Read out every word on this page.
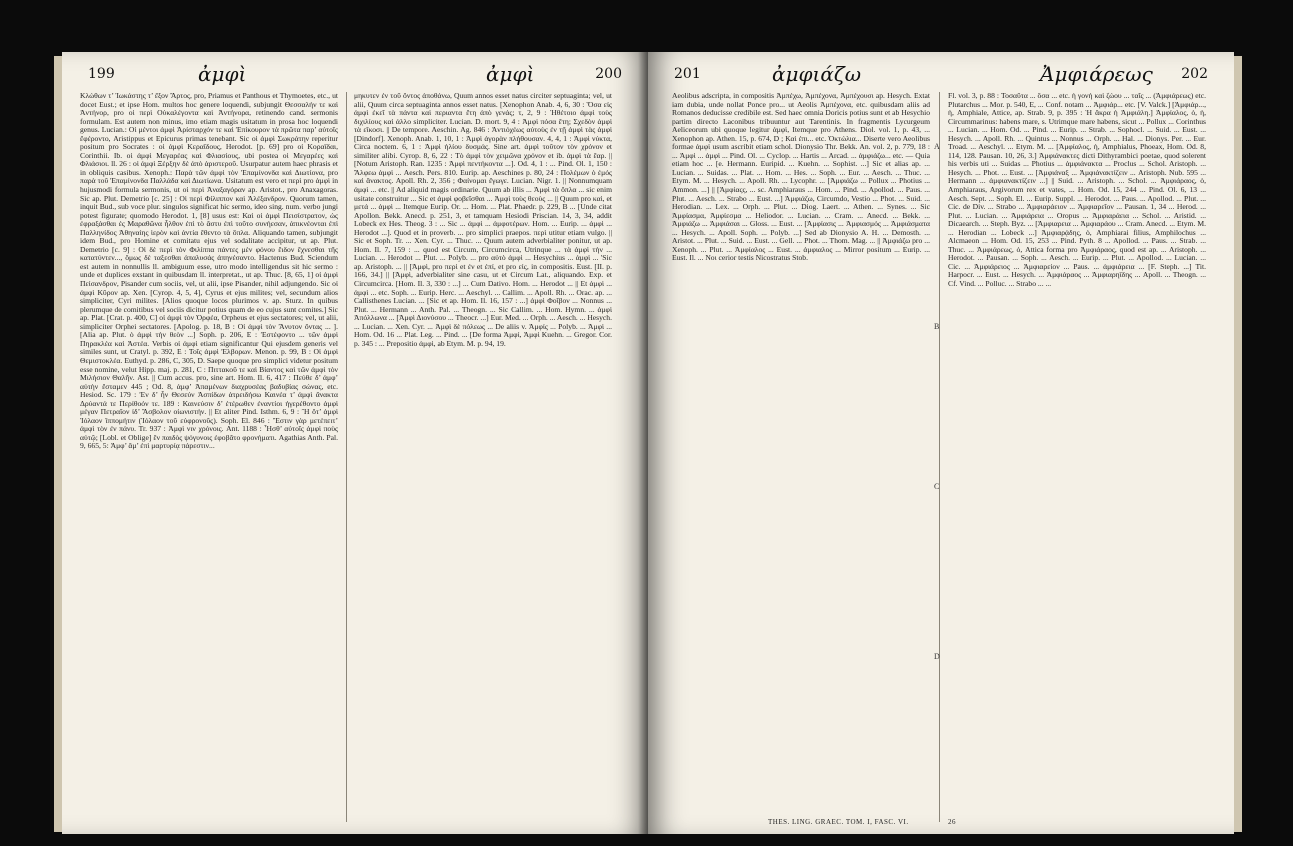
199	ἀμφὶ	ἀμφὶ	200

Κλώθων τ’ Ἰωκάστης τ’ ἔξον Ἄρτος, pro, Priamus et Panthous et Thymoetes, etc., ut docet Eust.; et ipse Hom. multos hoc genere loquendi, subjungit Θεσσαλήν τε καὶ Ἀντήνορ, pro οἱ περὶ Οὐκαλέγοντα καὶ Ἀντήνορα, retinendo cand. sermonis formulam. Est autem non minus, imo etiam magis usitatum in prosa hoc loquendi genus. Lucian.: Οἱ μέντοι ἀμφὶ Ἀρίσταρχόν τε καὶ Ἐπίκουρον τὰ πρῶτα παρ’ αὐτοῖς ἔφέροντο, Aristippus et Epicurus primas tenebant. Sic οἱ ἀμφὶ Σωκράτην reperitur positum pro Socrates : οἱ ἀμφὶ Κεραΐδους, Herodot. [p. 69] pro οἱ Κοραΐδαι, Corinthii. Ib. οἱ ἀμφὶ Μεγαρέας καὶ Φλιασίους, ubi posteа οἱ Μεγαρέες καὶ Φλιάσιοι. ll. 26 : οἱ ἀμφὶ Ξέρξην δὲ ἀπὸ ἀριστεροῦ. Usurpatur autem haec phrasis et in obliquis casibus. Xenoph.: Παρὰ τῶν ἀμφὶ τὸν Ἐπαμίνονδα καὶ Διωτίονα, pro παρὰ τοῦ Ἐπαμίνονδα Παλλάδα καὶ Διωτίωνα. Usitatum est vero et περὶ pro ἀμφὶ in hujusmodi formula sermonis, ut οἱ περὶ Ἀναξαγόραν ap. Aristot., pro Anaxagoras. Sic ap. Plut. Demetrio [c. 25] : Οἱ περὶ Φίλιππον καὶ Ἀλέξανδρον. Quorum tamen, inquit Bud., sub voce plur. singulos significat hic sermo, ideo sing. num. verbo jungi potest figurate; quomodo Herodot. 1, [8] usus est: Καὶ οἱ ἀμφὶ Πεισίστρατον, ὡς ἐφραξάσθαι ἐς Μαραθῶνα ἦλθον ἐπὶ τὸ ἄστυ ἐπὶ τοῦτο συνήεσαν, ἀπικνέονται ἐπὶ Παλληνίδος Ἀθηναίης ἱερὸν καὶ ἀντία ἔθεντο τὰ ὅπλα. Aliquando tamen, subjungit idem Bud., pro Homine et comitatu ejus vel sodalitate accipitur, ut ap. Plut. Demetrio [c. 9] : Οἱ δὲ περὶ τὸν Φιλίππα πάντες μὲν φόνου ἔιδον ἔχνεσθαι τῆς κατατύντεν..., ὅμως δὲ ταξεσθαι ἀπαλυσάς ἀπηνέσαντο. Hactenus Bud. Sciendum est autem in nonnullis ll. ambiguum esse, utro modo intelligendus sit hic sermo : unde et duplices exstant in quibusdam ll. interpretat., ut ap. Thuc. [8, 65, 1] οἱ ἀμφὶ Πείσανδρον, Pisander cum sociis, vel, ut alii, ipse Pisander, nihil adjungendo. Sic οἱ ἀμφὶ Κῦρον ap. Xen. [Cyrop. 4, 5, 4], Cyrus et ejus milites; vel, secundum alios simpliciter, Cyri milites. [Alios quoque locos plurimos v. ap. Sturz. In quibus plerumque de comitibus vel sociis dicitur potius quam de eo cujus sunt comites.] Sic ap. Plat. [Crat. p. 400, C] οἱ ἀμφὶ τὸν Ὀρφέα, Orpheus et ejus sectatores; vel, ut alii, simpliciter Orphei sectatores. [Apolog. p. 18, B : Οἱ ἀμφὶ τὸν Ἄνυτον ὄντας ... ]. [Alia ap. Plut. ὁ ἀμφὶ τὴν θεὸν ...] Soph. p. 206, E : Ἐστέφοντο ... τῶν ἀμφὶ Πηρακλέα καὶ Ἀστέα. Verbis οἱ ἀμφὶ etiam significantur Qui ejusdem generis vel similes sunt, ut Cratyl. p. 392, E : Τοῖς ἀμφὶ Ἐλβορων. Menon. p. 99, B : Οἱ ἀμφὶ Θεμιστοκλέα. Euthyd. p. 286, C, 305, D. Saepe quoque pro simplici videtur positum esse nomine, velut Hipp. maj. p. 281, C : Πιττακοῦ τε καὶ Βίαντος καὶ τῶν ἀμφὶ τὸν Μιλήσιον Θαλῆν. Ast. || Cum accus. pro, sine art. Hom. Il. 6, 417 : Πεύθε δ’ ἀμφ’ αὐτὴν ἔσταμεν 445 ; Od. 8, ἀμφ’ Ἀπαμένων διαχρυσέας βαδυβίας σώνας, etc. Hesiod. Sc. 179 : Ἐν δ’ ἦν Θεσεύν Ἀσπίδων ἀτρειδήσω Καινέα τ’ ἀμφὶ ἄνακτα Δρύαντά τε Περίθοόν τε. 189 : Καινεύσιν δ’ ἑτέρωθεν ἐναντίοι ἠγερέθοντο ἀμφὶ μέγαν Πετραῖον ἰδ’ Ἄσβολον οἰωνιστήν. || Et aliter Pind. Isthm. 6, 9 : Ἢ ὅτ’ ἀμφὶ Ἰόλαον ἵππομήτιν (Ἰόλαον τοῦ εὐφρονοῦς). Soph. El. 846 : Ἔστιν γὰρ μετέπειτ’ ἀμφὶ τὸν ἐν πάνυ. Tr. 937 : Ἀμφὶ νιν χρόνοις. Ant. 1188 : Ἦσθ’ αὐτοῖς ἀμφὶ ποὺς αὐτῷ; [Lobl. et Oblige] ἔν παιδὸς ψόγυνοις ἐφοβᾶτο φρονήματι. Agathias Anth. Pal. 9, 665, 5: Ἀμφ’ ἄμ’ ἐπὶ μαρτυρίᾳ πάρεστιν...

μηκυτεν ἐν τοῦ ὄντος ἀποθάνω, Quum annos esset natus circiter septuaginta; vel, ut alii, Quum circa septuaginta annos esset natus. [Xenophon Anab. 4, 6, 30 : Ὅσα εἰς ἀμφὶ ἐκεῖ τὰ πάντα καὶ περιαντα ἔτη ἀπὸ γενάς; τ, 2, 9 : Ἠθέτοιο ἀμφὶ τοὺς διχιλίους καὶ ἀλλο simpliciter. Lucian. D. mort. 9, 4 : Ἀμφὶ πόσα ἔτη; Σχεδὸν ἀμφὶ τὰ εἴκοσι. || De tempore. Aeschin. Ag. 846 : Ἀντιόχέως αὐτοὺς ἐν τῇ ἀμφὶ τὰς ἀμφὶ [Dindorf]. Xenoph. Anab. 1, 10, 1 : Ἀμφὶ ἀγορὰν πλήθουσαν. 4, 4, 1 : Ἀμφὶ νύκτα, Circa noctem. 6, 1 : Ἀμφὶ ἡλίου δυσμάς. Sine art. ἀμφὶ τοῦτον τὸν χρόνον et similiter alibi. Cyrop. 8, 6, 22 : Τὸ ἀμφὶ τὸν χειμῶνα χρόνον et ib. ἀμφὶ τὰ ἔαρ. || [Notum Aristoph. Ran. 1235 : Ἀμφὶ πεντήκοντα ...]. Od. 4, 1 : ... Pind. Ol. 1, 150 : Ἄλφεω ἀμφὶ ... Aesch. Pers. 810. Eurip. ap. Aeschines p. 80, 24 : Πολέμων ὁ ἐμός καὶ ἄνακτος. Apoll. Rh. 2, 356 ; Φαίνομαι ἔγωγε. Lucian. Nigr. 1. || Nonnumquam ἀμφὶ ... etc. || Ad aliquid magis ordinarie. Quum ab illis ... Ἀμφὶ τὰ ὅπλα ... sic enim usitate construitur ... Sic et ἀμφὶ φοβεῖσθαι ... Ἀμφὶ τοὺς θεοὺς ... || Quum pro καὶ, et μετά ... ἀμφὶ ... Itemque Eurip. Or. ... Hom. ... Plat. Phaedr. p. 229, B ... [Unde citat Apollon. Bekk. Anecd. p. 251, 3, et tamquam Hesiodi Priscian. 14, 3, 34, addit Lobeck ex Hes. Theog. 3 : ... Sic ... ἀμφὶ ... ἀμφοτέρων. Hom. ... Eurip. ... ἀμφὶ ... Herodot ...]. Quod et in proverb. ... pro simplici praepos. περὶ utitur etiam vulgo. || Sic et Soph. Tr. ... Xen. Cyr. ... Thuc. ... Quum autem adverbialiter ponitur, ut ap. Hom. Il. 7, 159 : ... quod est Circum, Circumcirca, Utrinque ... τὰ ἀμφὶ τὴν ... Lucian. ... Herodot ... Plut. ... Polyb. ... pro αὐτὸ ἀμφὶ ... Hesychius ... ἀμφὶ ... 'Sic ap. Aristoph. ... || [Ἀμφὶ, pro περὶ et ἐν et ἐπί, et pro εἰς, in compositis. Eust. [II. p. 166, 34.] || [Ἀμφὶ, adverbialiter sine casu, ut et Circum Lat., aliquando. Exp. et Circumcirca. [Hom. Il. 3, 330 : ...] ... Cum Dativo. Hom. ... Herodot ... || Et ἀμφὶ ... ἀμφὶ ... etc. Soph. ... Eurip. Herc. ... Aeschyl. ... Callim. ... Apoll. Rh. ... Orac. ap. ... Callisthenes Lucian. ... [Sic et ap. Hom. Il. 16, 157 : ...] ἀμφὶ Φοῖβον ... Nonnus ... Plut. ... Hermann ... Anth. Pal. ... Theogn. ... Sic Callim. ... Hom. Hymn. ... ἀμφὶ Ἀπόλλωνα ... [Ἀμφὶ Διονύσου ... Theocr. ...] Eur. Med. ... Orph. ... Aesch. ... Hesych. ... Lucian. ... Xen. Cyr. ... Ἀμφὶ δὲ πόλεως ... De aliis v. Ἀμφίς ... Polyb. ... Ἀμφὶ ... Hom. Od. 16 ... Plat. Leg. ... Pind. ... [De forma Ἀμφί, Ἀμφὶ Kuehn. ... Gregor. Cor. p. 345 : ... Prepositio ἀμφὶ, ab Etym. M. p. 94, 19.

201	ἀμφιάζω	Ἀμφιάρεως 202

Aeolibus adscripta, in compositis Ἀμπέχω, Ἀμπέχονα, Ἀμπέχουσι ap. Hesych. Extat iam dubia, unde nollat Ponce pro... ut Aeolis Ἀμπέχονα, etc. quibusdam aliis ad Romanos deducisse credibile est. Sed haec omnia Doricis potius sunt et ab Hesychio partim directo Laconibus tribuuntur aut Tarentinis. In fragmentis Lycurgeum Aeliceorum ubi quoque legitur ἀμφὶ, Itemque pro Athens. Diol. vol. 1, p. 43, ... Xenophon ap. Athen. 15, p. 674, D ; Καὶ ἐπι... etc. Ὀκτώλια... Diserte vero Aeolibus formae ἀμφὶ usum ascribit etiam schol. Dionysio Thr. Bekk. An. vol. 2, p. 779, 18 : ... Ἀμφὶ ... ἀμφὶ ... Pind. Ol. ... Cyclop. ... Hartis ... Arcad. ... ἀμφιάζω... etc. — Quia etiam hoc ... [e. Hermann. Euripid. ... Kuehn. ... Sophist. ...] Sic et alias ap. ... Lucian. ... Suidas. ... Plat. ... Hom. ... Hes. ... Soph. ... Eur. ... Aesch. ... Thuc. ... Etym. M. ... Hesych. ... Apoll. Rh. ... Lycophr. ... [Ἀμφιάζω ... Pollux ... Photius ... Ammon. ...] || [Ἀμφίαςς, ... sc. Amphiaraus ... Hom. ... Pind. ... Apollod. ... Paus. ... Plut. ... Aesch. ... Strabo ... Eust. ...] Ἀμφιάζω, Circumdo, Vestio ... Phot. ... Suid. ... Herodian. ... Lex. ... Orph. ... Plut. ... Diog. Laert. ... Athen. ... Synes. ... Sic Ἀμφίασμα, Ἀμφίεσμα ... Heliodor. ... Lucian. ... Cram. ... Anecd. ... Bekk. ... Ἀμφιάζω ... Ἀμφιάσαι ... Gloss. ... Eust. ... [Ἀμφίασις ... Ἀμφιασμός ... Ἀμφιάσματα ... Hesych. ... Apoll. Soph. ... Polyb. ...] Sed ab Dionysio A. H. ... Demosth. ... Aristot. ... Plut. ... Suid. ... Eust. ... Gell. ... Phot. ... Thom. Mag. ... || Ἀμφιάζω pro ... Xenoph. ... Plut. ... Ἀμφίαλος ... Eust. ... ἀμφιαλος ... Mirror positum ... Eurip. ... Eust. Il. ... Νοι cerior testis Nicostratus Stob.

A
B
C
D

Fl. vol. 3, p. 88 : Τοσαῦτα ... ὅσα ... etc. ἡ γονή καὶ ζώου ... ταῖς ... (Ἀμφιάρεως) etc. Plutarchus ... Mor. p. 540, E, ... Conf. notam ... Ἀμφιάρ... etc. [V. Valck.] [Ἀμφιάρ..., ἡ, Amphiale, Attice, ap. Strab. 9, p. 395 : Ἡ ἄκρα ἡ Ἀμφιάλη.] Ἀμφίαλος, ὁ, ἡ, Circummarinus: habens mare, s. Utrimque mare habens, sicut ... Pollux ... Corinthus ... Lucian. ... Hom. Od. ... Pind. ... Eurip. ... Strab. ... Sophocl. ... Suid. ... Eust. ... Hesych. ... Apoll. Rh. ... Quintus ... Nonnus ... Orph. ... Hal. ... Dionys. Per. ... Eur. Troad. ... Aeschyl. ... Etym. M. ... [Ἀμφίαλος, ἡ, Amphialus, Phoeax, Hom. Od. 8, 114, 128. Pausan. 10, 26, 3.] Ἀμφιάνακτες dicti Dithyrambici poetae, quod solerent his verbis uti ... Suidas ... Photius ... ἀμφιάνακτα ... Proclus ... Schol. Aristoph. ... Hesych. ... Phot. ... Eust. ... [Ἀμφιάναξ ... Ἀμφιάνακτίζειν ... Aristoph. Nub. 595 ... Hermann ... ἀμφιανακτίζειν ...] || Suid. ... Aristoph. ... Schol. ... Ἀμφιάραος, ὁ, Amphiaraus, Argivorum rex et vates, ... Hom. Od. 15, 244 ... Pind. Ol. 6, 13 ... Aesch. Sept. ... Soph. El. ... Eurip. Suppl. ... Herodot. ... Paus. ... Apollod. ... Plut. ... Cic. de Div. ... Strabo ... Ἀμφιαράειον ... Ἀμφιαρεῖον ... Pausan. 1, 34 ... Herod. ... Plut. ... Lucian. ... Ἀμφιάρεια ... Oropus ... Ἀμφιαράεια ... Schol. ... Aristid. ... Dicaearch. ... Steph. Byz. ... [Ἀμφιαρεια ... Ἀμφιαράου ... Cram. Anecd. ... Etym. M. ... Herodian ... Lobeck ...] Ἀμφιαρᾴδης, ὁ, Amphiarai filius, Amphilochus ... Alcmaeon ... Hom. Od. 15, 253 ... Pind. Pyth. 8 ... Apollod. ... Paus. ... Strab. ... Thuc. ... Ἀμφιάρεως, ὁ, Attica forma pro Ἀμφιάραος, quod est ap. ... Aristoph. ... Herodot. ... Pausan. ... Soph. ... Aesch. ... Eurip. ... Plut. ... Apollod. ... Lucian. ... Cic. ... Ἀμφιάρειος ... Ἀμφιαρείον ... Paus. ... ἀμφιάρεια ... [F. Steph. ...] Tit. Harpocr. ... Eust. ... Hesych. ... Ἀμφιάραος ... Ἀμφιαρηΐδης ... Apoll. ... Theogn. ... Cf. Vind. ... Polluc. ... Strabo ... ...

THES. LING. GRAEC. TOM. I, FASC. VI.	26
